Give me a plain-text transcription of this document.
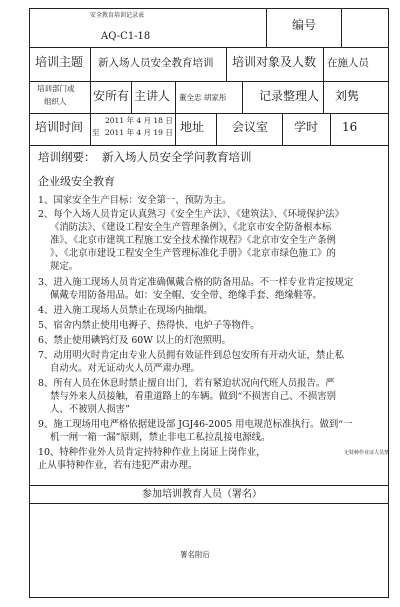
安全教育培训记录表
AQ-C1-18
编号
培训主题 新入场人员安全教育培训 培训对象及人数 在施人员
培训部门或
组织人 安所有 主讲人 董全忠 胡家彤	记录整理人 刘隽
培训时间	2011 年 4 月 18 日
至 2011 年 4 月 19 日 地址 会议室 学时 16
培训纲要： 新入场人员安全学问教育培训
企业级安全教育
1、国家安全生产目标：安全第一、预防为主。
2、每个入场人员肯定认真熟习《安全生产法》、《建筑法》、《环境保护法》
《消防法》、《建设工程安全生产管理条例》、《北京市安全防备根本标
准》、《北京市建筑工程施工安全技术操作规程》《北京市安全生产条例
》、《北京市建设工程安全生产管理标准化手册》《北京市绿色施工》的
规定。
3、进入施工现场人员肯定准确佩戴合格的防备用品。不一样专业肯定按规定
佩戴专用防备用品。如：安全帽、安全带、绝缘手套、绝缘鞋等。
4、进入施工现场人员禁止在现场内抽烟。
5、宿舍内禁止使用电褥子、热得快、电炉子等物件。
6、禁止使用碘钨灯及 60W 以上的灯泡照明。
7、动用明火时肯定由专业人员拥有效证件到总包安所有开动火证，禁止私
自动火。对无证动火人员严肃办理。
8、所有人员在休息时禁止擅自出门，若有紧迫状况向代班人员报告。严
禁与外来人员接触，看重道路上的车辆。做到“不损害自己、不损害别
人、不被别人损害”
9、施工现场用电严格依据建设部 JGJ46-2005 用电规范标准执行。做到“一
机一闸一箱一漏”原则，禁止非电工私拉乱接电源线。
10、特种作业外人员肯定持特种作业上岗证上岗作业，
止从事特种作业，若有违犯严肃办理。
无特种作业证人员禁
参加培训教育人员（署名）
署名附后
